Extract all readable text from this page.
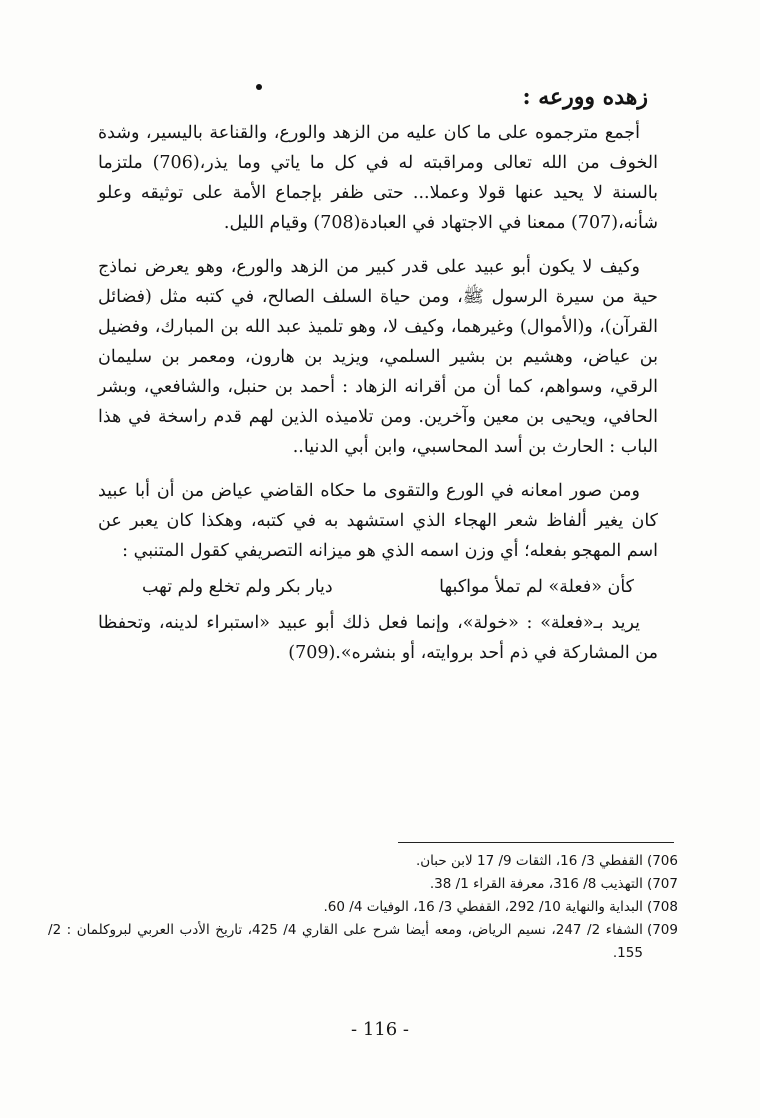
زهده وورعه :

أجمع مترجموه على ما كان عليه من الزهد والورع، والقناعة باليسير، وشدة الخوف من الله تعالى ومراقبته له في كل ما ياتي وما يذر،(706) ملتزما بالسنة لا يحيد عنها قولا وعملا... حتى ظفر بإجماع الأمة على توثيقه وعلو شأنه،(707) ممعنا في الاجتهاد في العبادة(708) وقيام الليل.

وكيف لا يكون أبو عبيد على قدر كبير من الزهد والورع، وهو يعرض نماذج حية من سيرة الرسول ﷺ، ومن حياة السلف الصالح، في كتبه مثل (فضائل القرآن)، و(الأموال) وغيرهما، وكيف لا، وهو تلميذ عبد الله بن المبارك، وفضيل بن عياض، وهشيم بن بشير السلمي، ويزيد بن هارون، ومعمر بن سليمان الرقي، وسواهم، كما أن من أقرانه الزهاد : أحمد بن حنبل، والشافعي، وبشر الحافي، ويحيى بن معين وآخرين. ومن تلاميذه الذين لهم قدم راسخة في هذا الباب : الحارث بن أسد المحاسبي، وابن أبي الدنيا..

ومن صور امعانه في الورع والتقوى ما حكاه القاضي عياض من أن أبا عبيد كان يغير ألفاظ شعر الهجاء الذي استشهد به في كتبه، وهكذا كان يعبر عن اسم المهجو بفعله؛ أي وزن اسمه الذي هو ميزانه التصريفي كقول المتنبي :

كأن «فعلة» لم تملأ مواكبها
ديار بكر ولم تخلع ولم تهب

يريد بـ«فعلة» : «خولة»، وإنما فعل ذلك أبو عبيد «استبراء لدينه، وتحفظا من المشاركة في ذم أحد بروايته، أو بنشره».(709)

706)
القفطي 3/ 16، الثقات 9/ 17 لابن حبان.
707)
التهذيب 8/ 316، معرفة القراء 1/ 38.
708)
البداية والنهاية 10/ 292، القفطي 3/ 16، الوفيات 4/ 60.
709)
الشفاء 2/ 247، نسيم الرياض، ومعه أيضا شرح على القاري 4/ 425، تاريخ الأدب العربي لبروكلمان : 2/ 155.
- 116 -
